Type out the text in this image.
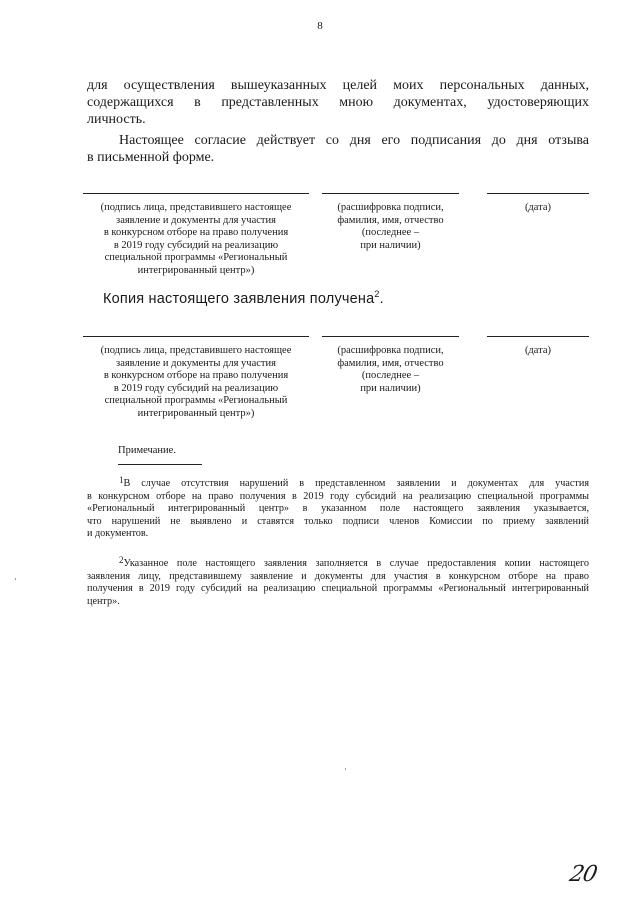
8
для осуществления вышеуказанных целей моих персональных данных,
содержащихся в представленных мною документах, удостоверяющих
личность.
Настоящее согласие действует со дня его подписания до дня отзыва
в письменной форме.
(подпись лица, представившего настоящее
заявление и документы для участия
в конкурсном отборе на право получения
в 2019 году субсидий на реализацию
специальной программы «Региональный
интегрированный центр»)
(расшифровка подписи,
фамилия, имя, отчество
(последнее –
при наличии)
(дата)
Копия настоящего заявления получена$^2$.
(подпись лица, представившего настоящее
заявление и документы для участия
в конкурсном отборе на право получения
в 2019 году субсидий на реализацию
специальной программы «Региональный
интегрированный центр»)
(расшифровка подписи,
фамилия, имя, отчество
(последнее –
при наличии)
(дата)
Примечание.
$^1$В случае отсутствия нарушений в представленном заявлении и документах для участия
в конкурсном отборе на право получения в 2019 году субсидий на реализацию специальной программы
«Региональный интегрированный центр» в указанном поле настоящего заявления указывается,
что нарушений не выявлено и ставятся только подписи членов Комиссии по приему заявлений
и документов.
$^2$Указанное поле настоящего заявления заполняется в случае предоставления копии настоящего
заявления лицу, представившему заявление и документы для участия в конкурсном отборе на право
получения в 2019 году субсидий на реализацию специальной программы «Региональный интегрированный
центр».
20
